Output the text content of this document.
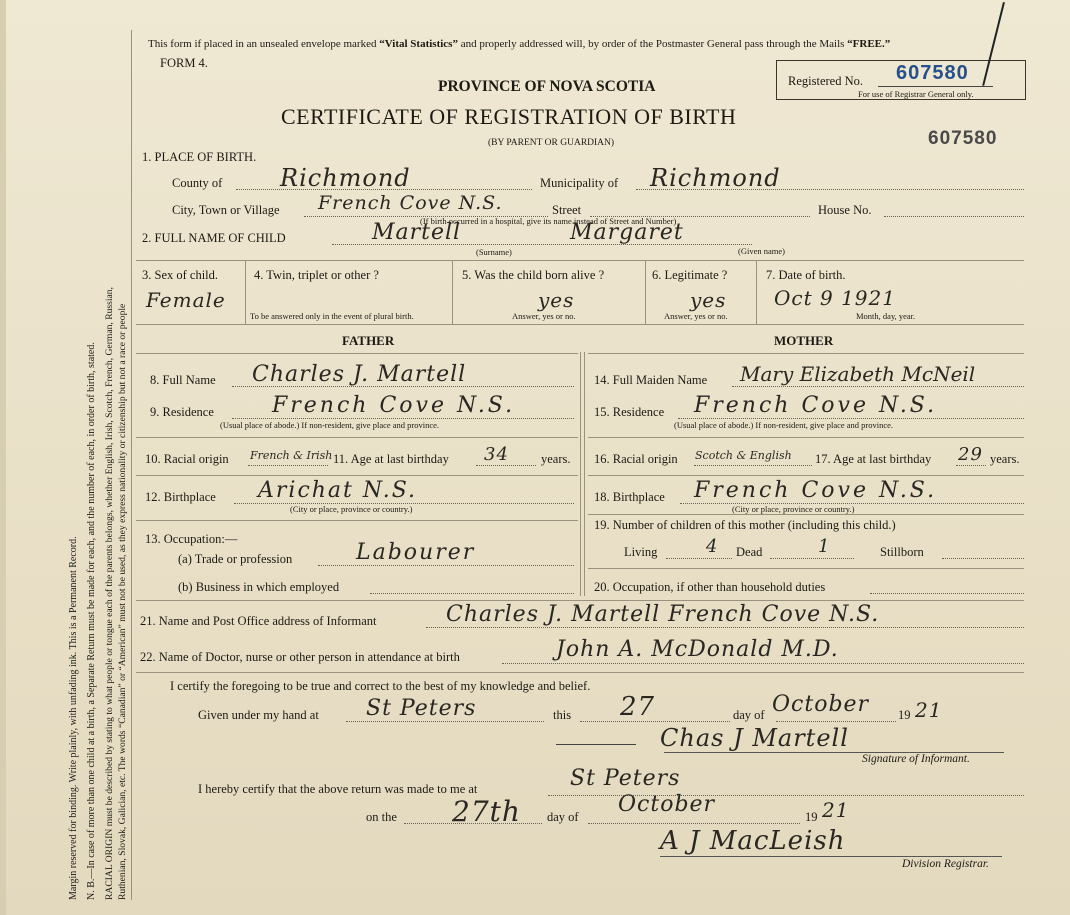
Margin reserved for binding. Write plainly, with unfading ink. This is a Permanent Record. N. B.—In case of more than one child at a birth, a Separate Return must be made for each, and the number of each, in order of birth, stated. RACIAL ORIGIN must be described by stating to what people or tongue each of the parents belongs, whether English, Irish, Scotch, French, German, Russian, Ruthenian, Slovak, Galician, etc. The words “Canadian” or “American” must not be used, as they express nationality or citizenship but not a race or people
This form if placed in an unsealed envelope marked “Vital Statistics” and properly addressed will, by order of the Postmaster General pass through the Mails “FREE.”
FORM 4.
Registered No. 607580
For use of Registrar General only.
607580
PROVINCE OF NOVA SCOTIA
CERTIFICATE OF REGISTRATION OF BIRTH
(BY PARENT OR GUARDIAN)
1. PLACE OF BIRTH.
County of Richmond	Municipality of Richmond
City, Town or Village French Cove N.S.	Street	House No.
(If birth occurred in a hospital, give its name instead of Street and Number)
2. FULL NAME OF CHILD	Martell	Margaret
(Surname)	(Given name)
3. Sex of child.
Female
4. Twin, triplet or other ?
To be answered only in the event of plural birth.
5. Was the child born alive ?
yes
Answer, yes or no.
6. Legitimate ?
yes
Answer, yes or no.
7. Date of birth.
Oct 9 1921
Month, day, year.
FATHER	MOTHER
8. Full Name Charles J. Martell
9. Residence	French Cove N.S.
(Usual place of abode.) If non-resident, give place and province.
10. Racial origin French & Irish 11. Age at last birthday 34	years.
12. Birthplace Arichat N.S.
(City or place, province or country.)
13. Occupation:—
(a) Trade or profession	Labourer
(b) Business in which employed
14. Full Maiden Name Mary Elizabeth McNeil
15. Residence French Cove N.S.
(Usual place of abode.) If non-resident, give place and province.
16. Racial origin Scotch & English 17. Age at last birthday 29 years.
18. Birthplace French Cove N.S.
(City or place, province or country.)
19. Number of children of this mother (including this child.)
Living	4 Dead	1	Stillborn
20. Occupation, if other than household duties
21. Name and Post Office address of Informant	Charles J. Martell French Cove N.S.
22. Name of Doctor, nurse or other person in attendance at birth	John A. McDonald M.D.
I certify the foregoing to be true and correct to the best of my knowledge and belief.
Given under my hand at St Peters	this 27	day of October 19 21
Chas J Martell
Signature of Informant.
I hereby certify that the above return was made to me at	St Peters
on the 27th day of October	19 21
A J MacLeish
Division Registrar.
